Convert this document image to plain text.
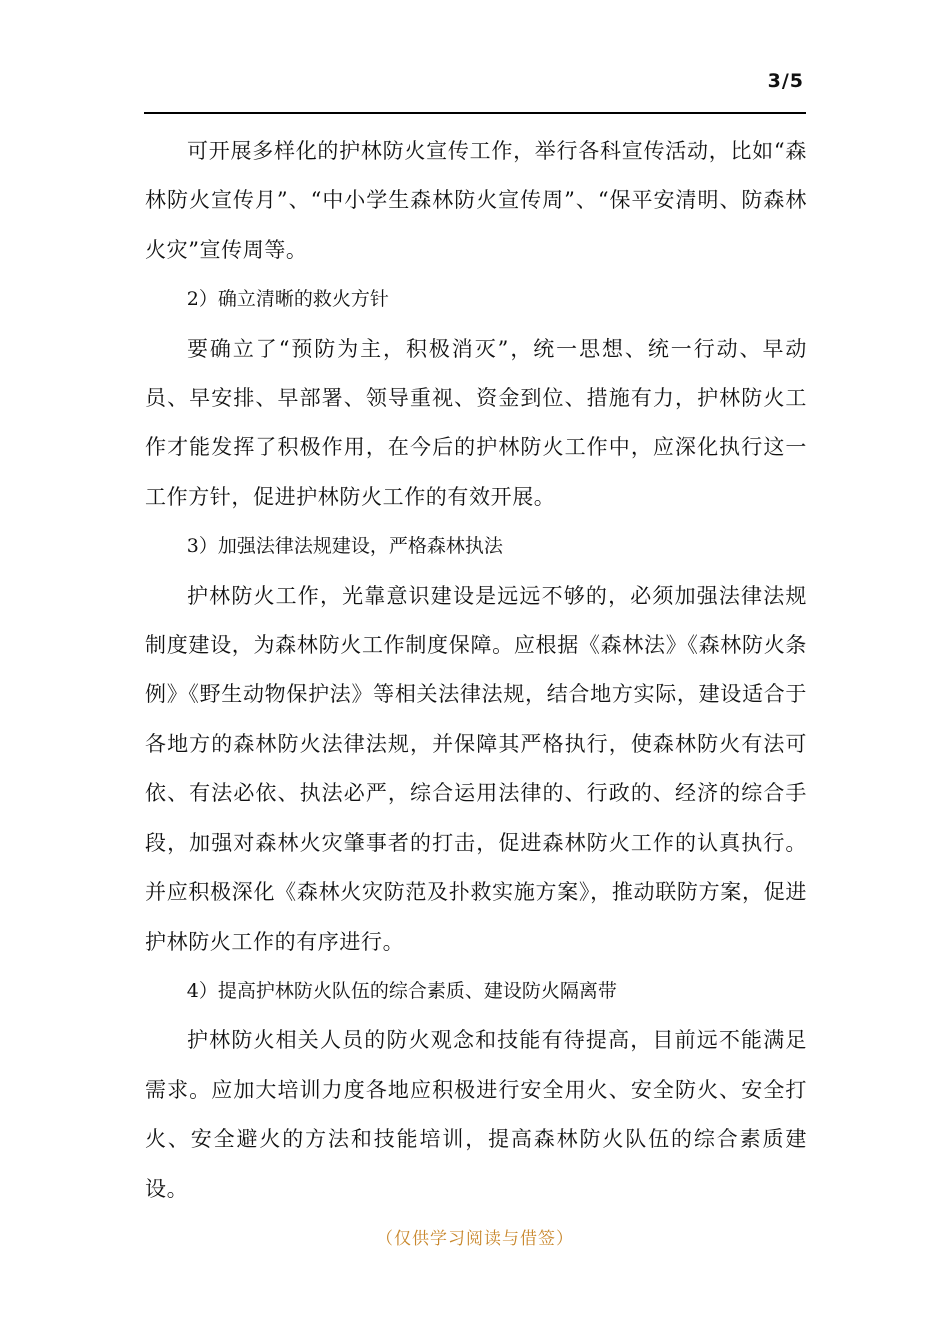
3/5

可开展多样化的护林防火宣传工作，举行各科宣传活动，比如“森林防火宣传月”、“中小学生森林防火宣传周”、“保平安清明、防森林火灾”宣传周等。

2）确立清晰的救火方针

要确立了“预防为主，积极消灭”，统一思想、统一行动、早动员、早安排、早部署、领导重视、资金到位、措施有力，护林防火工作才能发挥了积极作用，在今后的护林防火工作中，应深化执行这一工作方针，促进护林防火工作的有效开展。

3）加强法律法规建设，严格森林执法

护林防火工作，光靠意识建设是远远不够的，必须加强法律法规制度建设，为森林防火工作制度保障。应根据《森林法》《森林防火条例》《野生动物保护法》等相关法律法规，结合地方实际，建设适合于各地方的森林防火法律法规，并保障其严格执行，使森林防火有法可依、有法必依、执法必严，综合运用法律的、行政的、经济的综合手段，加强对森林火灾肇事者的打击，促进森林防火工作的认真执行。并应积极深化《森林火灾防范及扑救实施方案》，推动联防方案，促进护林防火工作的有序进行。

4）提高护林防火队伍的综合素质、建设防火隔离带

护林防火相关人员的防火观念和技能有待提高，目前远不能满足需求。应加大培训力度各地应积极进行安全用火、安全防火、安全打火、安全避火的方法和技能培训，提高森林防火队伍的综合素质建设。

（仅供学习阅读与借签）
